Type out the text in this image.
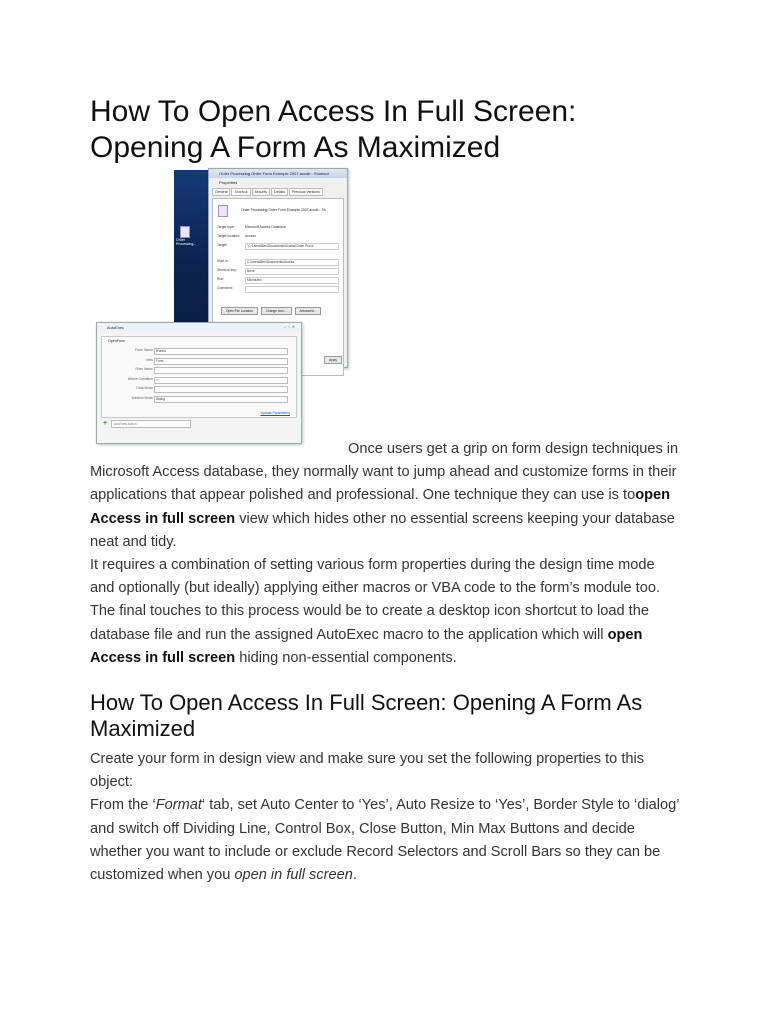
How To Open Access In Full Screen: Opening A Form As Maximized
Order Processing...
Order Processing Order Form Example 2007.accdb - Shortcut Properties
General Shortcut Security Details Previous Versions
Order Processing Order Form Example 2007.accdb - Sh
Target type:	Microsoft Access Database
Target location: Access
Target:	"C:\Users\Ben\Documents\Access\Order Proce
Start in:	C:\Users\Ben\Documents\Access
Shortcut key:	None
Run:	Minimized
Comment:
Open File Location	Change Icon...	Advanced...
Apply
AutoExec	–  ▫  ✕
OpenForm
Form Name fForms
View Form
Filter Name
Where Condition =
Data Mode
Window Mode Dialog
Update Parameters
+	Add New Action

Once users get a grip on form design techniques in Microsoft Access database, they normally want to jump ahead and customize forms in their applications that appear polished and professional. One technique they can use is toopen Access in full screen view which hides other no essential screens keeping your database neat and tidy.

It requires a combination of setting various form properties during the design time mode and optionally (but ideally) applying either macros or VBA code to the form’s module too.

The final touches to this process would be to create a desktop icon shortcut to load the database file and run the assigned AutoExec macro to the application which will open Access in full screen hiding non-essential components.

How To Open Access In Full Screen: Opening A Form As Maximized

Create your form in design view and make sure you set the following properties to this object:

From the ‘Format‘ tab, set Auto Center to ‘Yes’, Auto Resize to ‘Yes’, Border Style to ‘dialog’ and switch off Dividing Line, Control Box, Close Button, Min Max Buttons and decide whether you want to include or exclude Record Selectors and Scroll Bars so they can be customized when you open in full screen.
